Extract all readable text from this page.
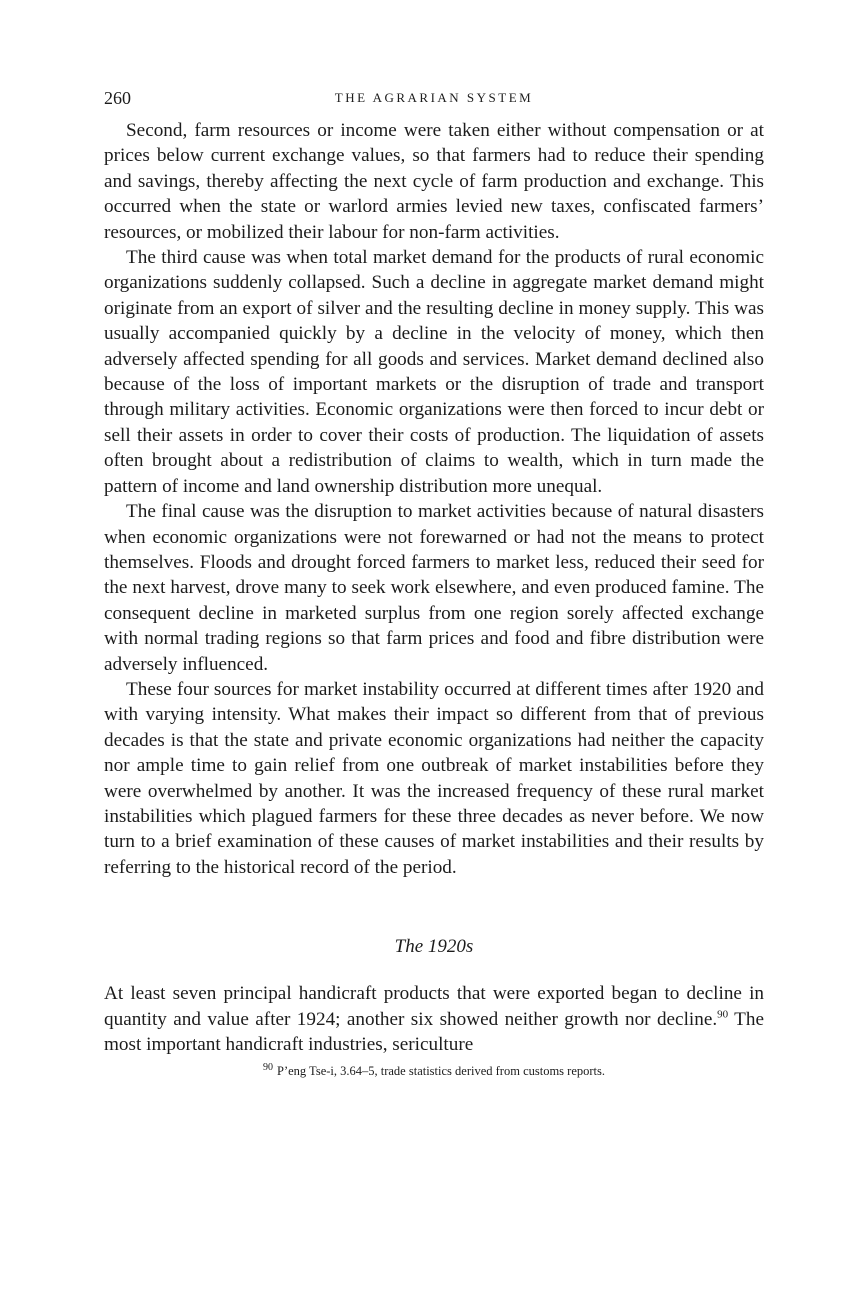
260	THE AGRARIAN SYSTEM

Second, farm resources or income were taken either without compensation or at prices below current exchange values, so that farmers had to reduce their spending and savings, thereby affecting the next cycle of farm production and exchange. This occurred when the state or warlord armies levied new taxes, confiscated farmers’ resources, or mobilized their labour for non-farm activities.

The third cause was when total market demand for the products of rural economic organizations suddenly collapsed. Such a decline in aggregate market demand might originate from an export of silver and the resulting decline in money supply. This was usually accompanied quickly by a decline in the velocity of money, which then adversely affected spending for all goods and services. Market demand declined also because of the loss of important markets or the disruption of trade and transport through military activities. Economic organizations were then forced to incur debt or sell their assets in order to cover their costs of production. The liquidation of assets often brought about a redistribution of claims to wealth, which in turn made the pattern of income and land ownership distribution more unequal.

The final cause was the disruption to market activities because of natural disasters when economic organizations were not forewarned or had not the means to protect themselves. Floods and drought forced farmers to market less, reduced their seed for the next harvest, drove many to seek work elsewhere, and even produced famine. The consequent decline in marketed surplus from one region sorely affected exchange with normal trading regions so that farm prices and food and fibre distribution were adversely influenced.

These four sources for market instability occurred at different times after 1920 and with varying intensity. What makes their impact so different from that of previous decades is that the state and private economic organizations had neither the capacity nor ample time to gain relief from one outbreak of market instabilities before they were overwhelmed by another. It was the increased frequency of these rural market instabilities which plagued farmers for these three decades as never before. We now turn to a brief examination of these causes of market instabilities and their results by referring to the historical record of the period.

The 1920s

At least seven principal handicraft products that were exported began to decline in quantity and value after 1924; another six showed neither growth nor decline.$^{90}$ The most important handicraft industries, sericulture

$^{90}$ P’eng Tse-i, 3.64–5, trade statistics derived from customs reports.
